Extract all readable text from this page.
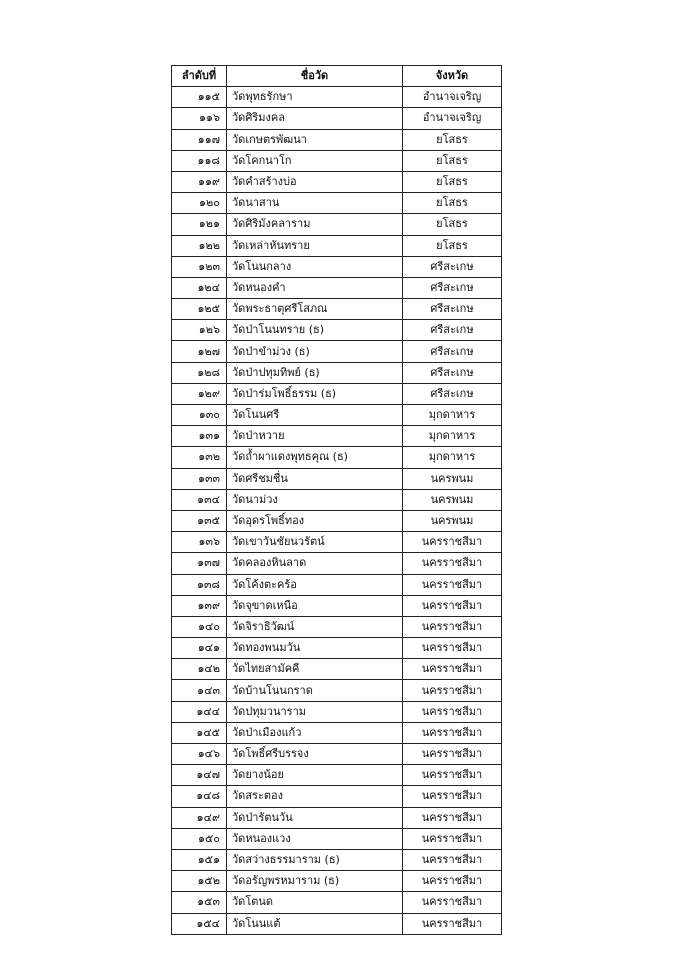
ลำดับที่	ชื่อวัด	จังหวัด
๑๑๕	วัดพุทธรักษา	อำนาจเจริญ
๑๑๖	วัดศิริมงคล	อำนาจเจริญ
๑๑๗	วัดเกษตรพัฒนา	ยโสธร
๑๑๘	วัดโคกนาโก	ยโสธร
๑๑๙	วัดคำสร้างบ่อ	ยโสธร
๑๒๐	วัดนาสาน	ยโสธร
๑๒๑	วัดศิริมังคลาราม	ยโสธร
๑๒๒	วัดเหล่าหันทราย	ยโสธร
๑๒๓	วัดโนนกลาง	ศรีสะเกษ
๑๒๔	วัดหนองคำ	ศรีสะเกษ
๑๒๕	วัดพระธาตุศรีโสภณ	ศรีสะเกษ
๑๒๖	วัดป่าโนนทราย (ธ)	ศรีสะเกษ
๑๒๗	วัดป่าขำม่วง (ธ)	ศรีสะเกษ
๑๒๘	วัดป่าปทุมทิพย์ (ธ)	ศรีสะเกษ
๑๒๙	วัดป่าร่มโพธิ์ธรรม (ธ)	ศรีสะเกษ
๑๓๐	วัดโนนศรี	มุกดาหาร
๑๓๑	วัดป่าหวาย	มุกดาหาร
๑๓๒	วัดถ้ำผาแดงพุทธคุณ (ธ)	มุกดาหาร
๑๓๓	วัดศรีชมชื่น	นครพนม
๑๓๔	วัดนาม่วง	นครพนม
๑๓๕	วัดอุดรโพธิ์ทอง	นครพนม
๑๓๖	วัดเขาวันชัยนวรัตน์	นครราชสีมา
๑๓๗	วัดคลองหินลาด	นครราชสีมา
๑๓๘	วัดโค้งตะคร้อ	นครราชสีมา
๑๓๙	วัดจุขาดเหนือ	นครราชสีมา
๑๔๐	วัดจิราธิวัฒน์	นครราชสีมา
๑๔๑	วัดทองพนมวัน	นครราชสีมา
๑๔๒	วัดไทยสามัคคี	นครราชสีมา
๑๔๓	วัดบ้านโนนกราด	นครราชสีมา
๑๔๔	วัดปทุมวนาราม	นครราชสีมา
๑๔๕	วัดป่าเมืองแก้ว	นครราชสีมา
๑๔๖	วัดโพธิ์ศรีบรรจง	นครราชสีมา
๑๔๗	วัดยางน้อย	นครราชสีมา
๑๔๘	วัดสระตอง	นครราชสีมา
๑๔๙	วัดป่ารัตนวัน	นครราชสีมา
๑๕๐	วัดหนองแวง	นครราชสีมา
๑๕๑	วัดสว่างธรรมาราม (ธ)	นครราชสีมา
๑๕๒	วัดอรัญพรหมาราม (ธ)	นครราชสีมา
๑๕๓	วัดโตนด	นครราชสีมา
๑๕๔	วัดโนนแต้	นครราชสีมา
